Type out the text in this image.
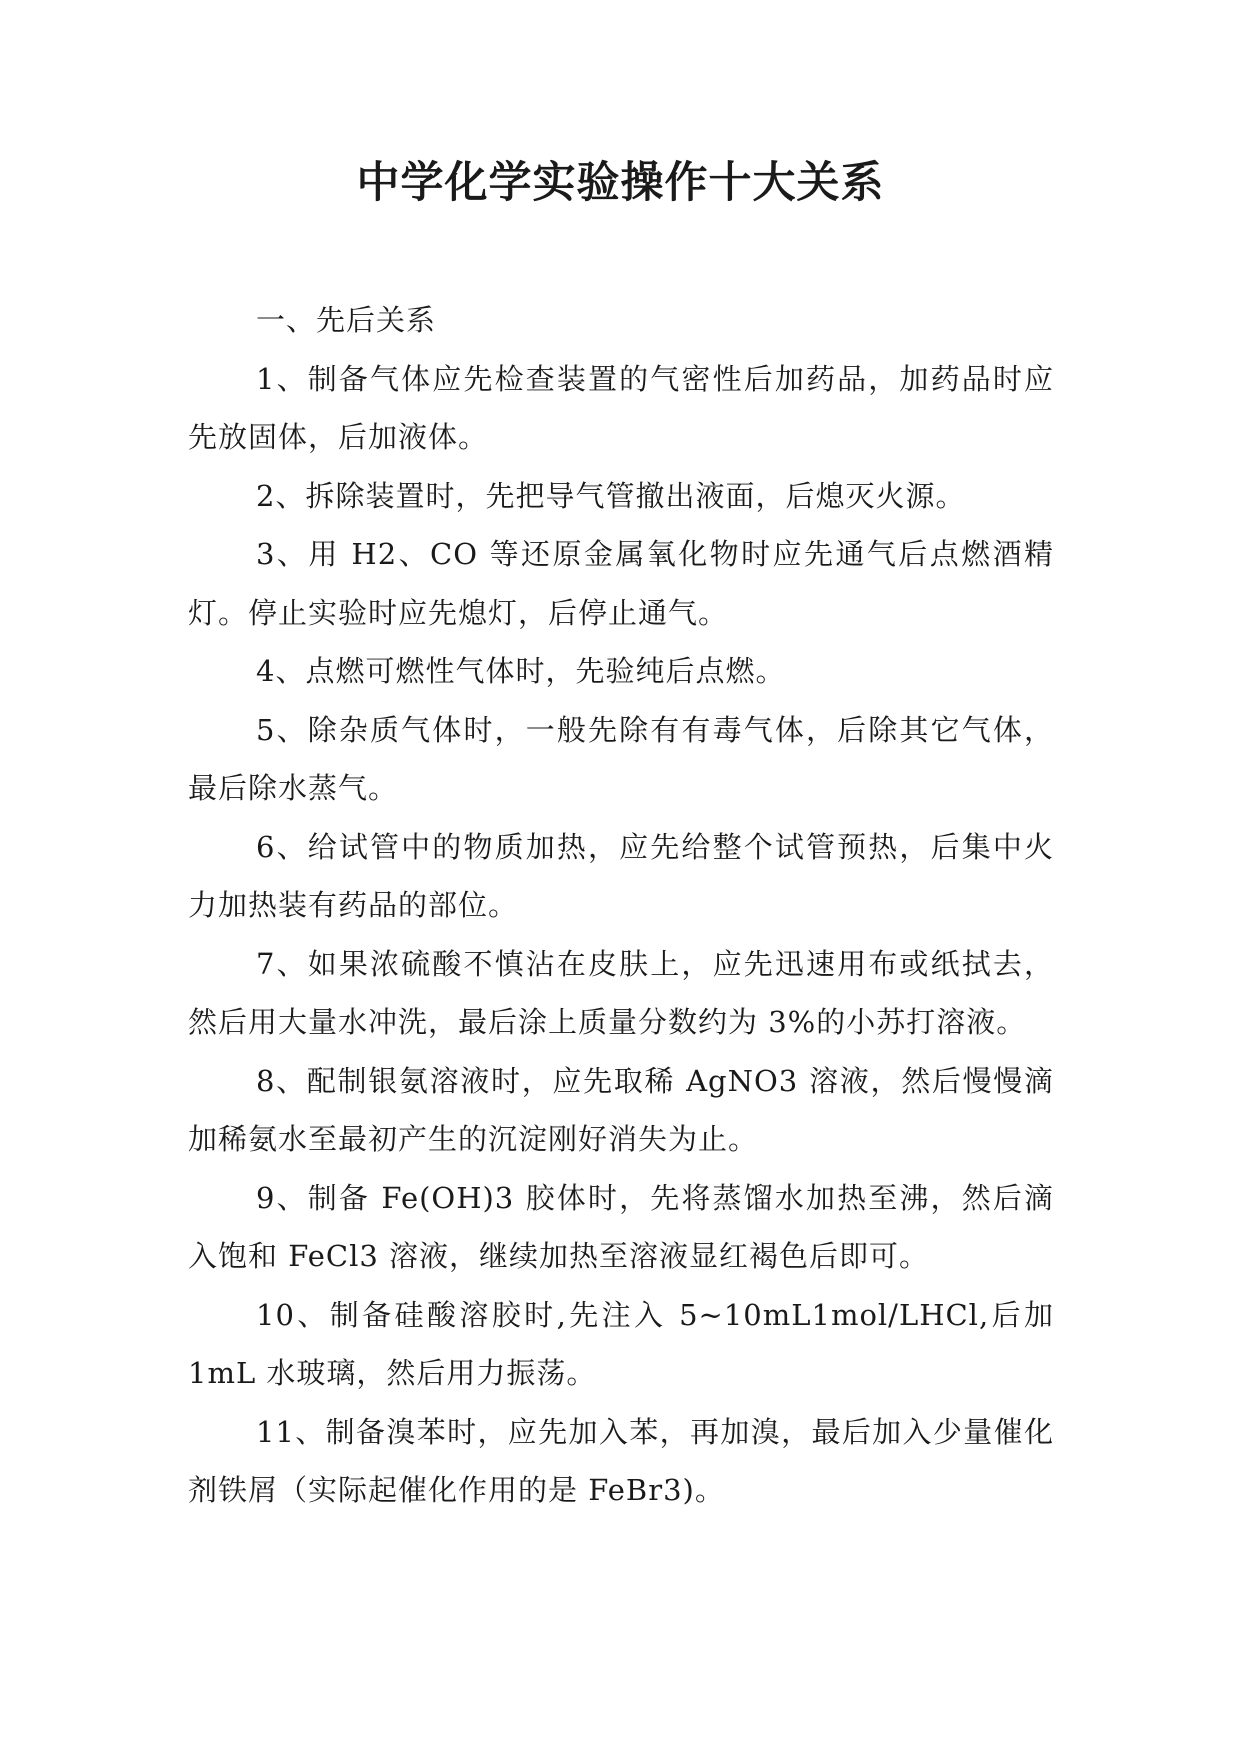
中学化学实验操作十大关系

一、先后关系

1、制备气体应先检查装置的气密性后加药品，加药品时应先放固体，后加液体。

2、拆除装置时，先把导气管撤出液面，后熄灭火源。

3、用 H2、CO 等还原金属氧化物时应先通气后点燃酒精灯。停止实验时应先熄灯，后停止通气。

4、点燃可燃性气体时，先验纯后点燃。

5、除杂质气体时，一般先除有有毒气体，后除其它气体，最后除水蒸气。

6、给试管中的物质加热，应先给整个试管预热，后集中火力加热装有药品的部位。

7、如果浓硫酸不慎沾在皮肤上，应先迅速用布或纸拭去，然后用大量水冲洗，最后涂上质量分数约为 3%的小苏打溶液。

8、配制银氨溶液时，应先取稀 AgNO3 溶液，然后慢慢滴加稀氨水至最初产生的沉淀刚好消失为止。

9、制备 Fe(OH)3 胶体时，先将蒸馏水加热至沸，然后滴入饱和 FeCl3 溶液，继续加热至溶液显红褐色后即可。

10、制备硅酸溶胶时,先注入 5~10mL1mol/LHCl,后加 1mL 水玻璃，然后用力振荡。

11、制备溴苯时，应先加入苯，再加溴，最后加入少量催化剂铁屑（实际起催化作用的是 FeBr3)。
